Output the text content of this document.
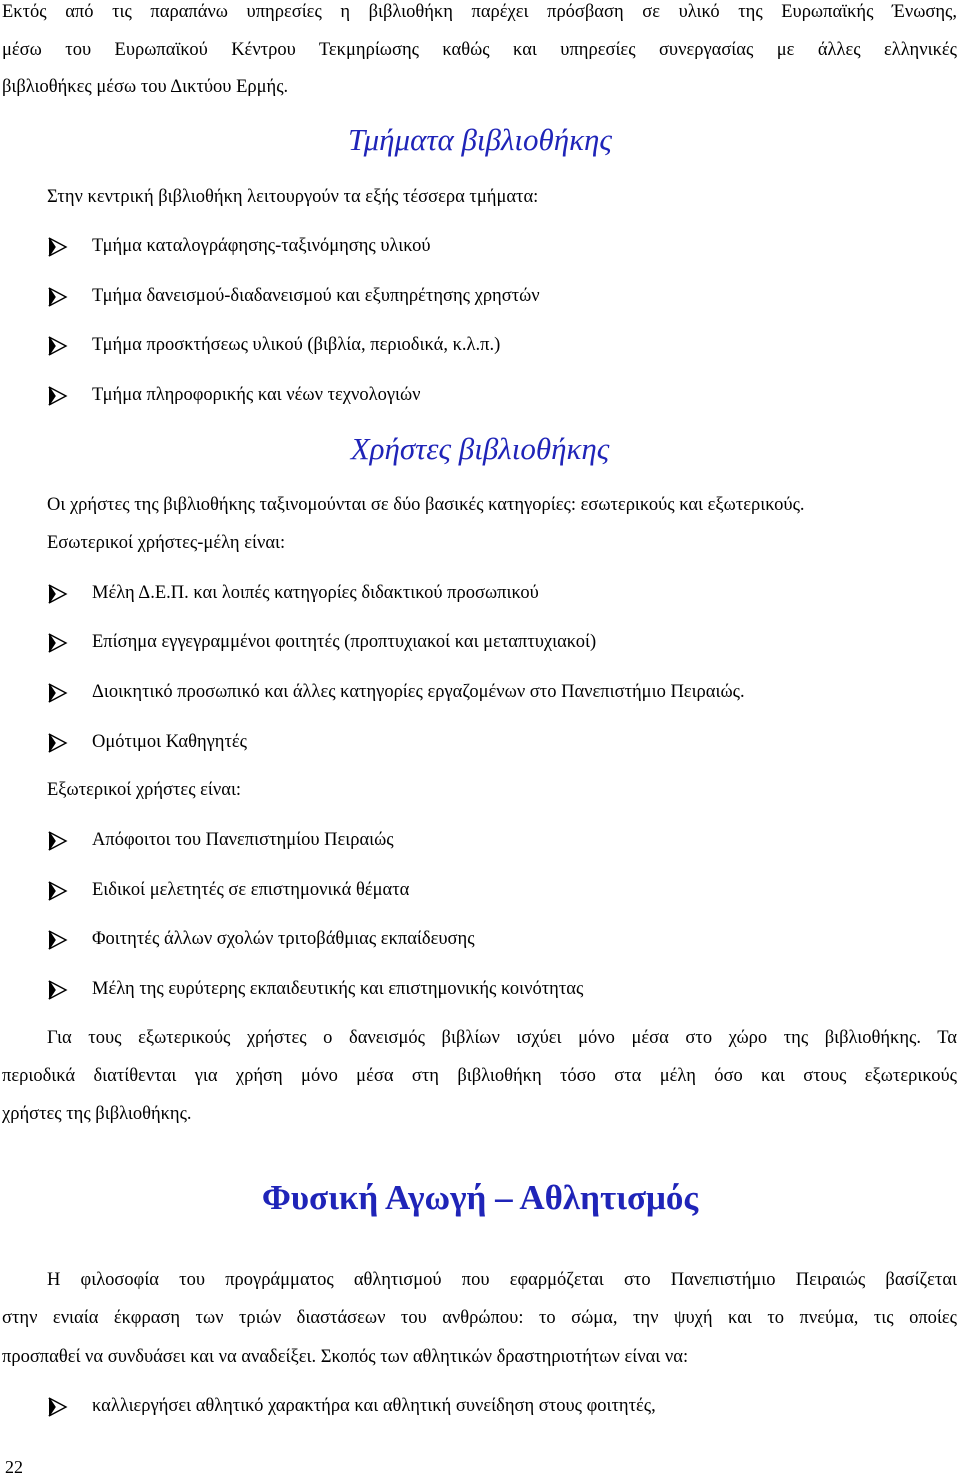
Εκτός από τις παραπάνω υπηρεσίες η βιβλιοθήκη παρέχει πρόσβαση σε υλικό της Ευρωπαϊκής Ένωσης,
μέσω του Ευρωπαϊκού Κέντρου Τεκμηρίωσης καθώς και υπηρεσίες συνεργασίας με άλλες ελληνικές
βιβλιοθήκες μέσω του Δικτύου Ερμής.
Τμήματα βιβλιοθήκης
Στην κεντρική βιβλιοθήκη λειτουργούν τα εξής τέσσερα τμήματα:
Τμήμα καταλογράφησης-ταξινόμησης υλικού
Τμήμα δανεισμού-διαδανεισμού και εξυπηρέτησης χρηστών
Τμήμα προσκτήσεως υλικού (βιβλία, περιοδικά, κ.λ.π.)
Τμήμα πληροφορικής και νέων τεχνολογιών
Χρήστες βιβλιοθήκης
Οι χρήστες της βιβλιοθήκης ταξινομούνται σε δύο βασικές κατηγορίες: εσωτερικούς και εξωτερικούς.
Εσωτερικοί χρήστες-μέλη είναι:
Μέλη Δ.Ε.Π. και λοιπές κατηγορίες διδακτικού προσωπικού
Επίσημα εγγεγραμμένοι φοιτητές (προπτυχιακοί και μεταπτυχιακοί)
Διοικητικό προσωπικό και άλλες κατηγορίες εργαζομένων στο Πανεπιστήμιο Πειραιώς.
Ομότιμοι Καθηγητές
Εξωτερικοί χρήστες είναι:
Απόφοιτοι του Πανεπιστημίου Πειραιώς
Ειδικοί μελετητές σε επιστημονικά θέματα
Φοιτητές άλλων σχολών τριτοβάθμιας εκπαίδευσης
Μέλη της ευρύτερης εκπαιδευτικής και επιστημονικής κοινότητας
Για τους εξωτερικούς χρήστες ο δανεισμός βιβλίων ισχύει μόνο μέσα στο χώρο της βιβλιοθήκης. Τα
περιοδικά διατίθενται για χρήση μόνο μέσα στη βιβλιοθήκη τόσο στα μέλη όσο και στους εξωτερικούς
χρήστες της βιβλιοθήκης.
Φυσική Αγωγή – Αθλητισμός
Η φιλοσοφία του προγράμματος αθλητισμού που εφαρμόζεται στο Πανεπιστήμιο Πειραιώς βασίζεται
στην ενιαία έκφραση των τριών διαστάσεων του ανθρώπου: το σώμα, την ψυχή και το πνεύμα, τις οποίες
προσπαθεί να συνδυάσει και να αναδείξει. Σκοπός των αθλητικών δραστηριοτήτων είναι να:
καλλιεργήσει αθλητικό χαρακτήρα και αθλητική συνείδηση στους φοιτητές,
22
